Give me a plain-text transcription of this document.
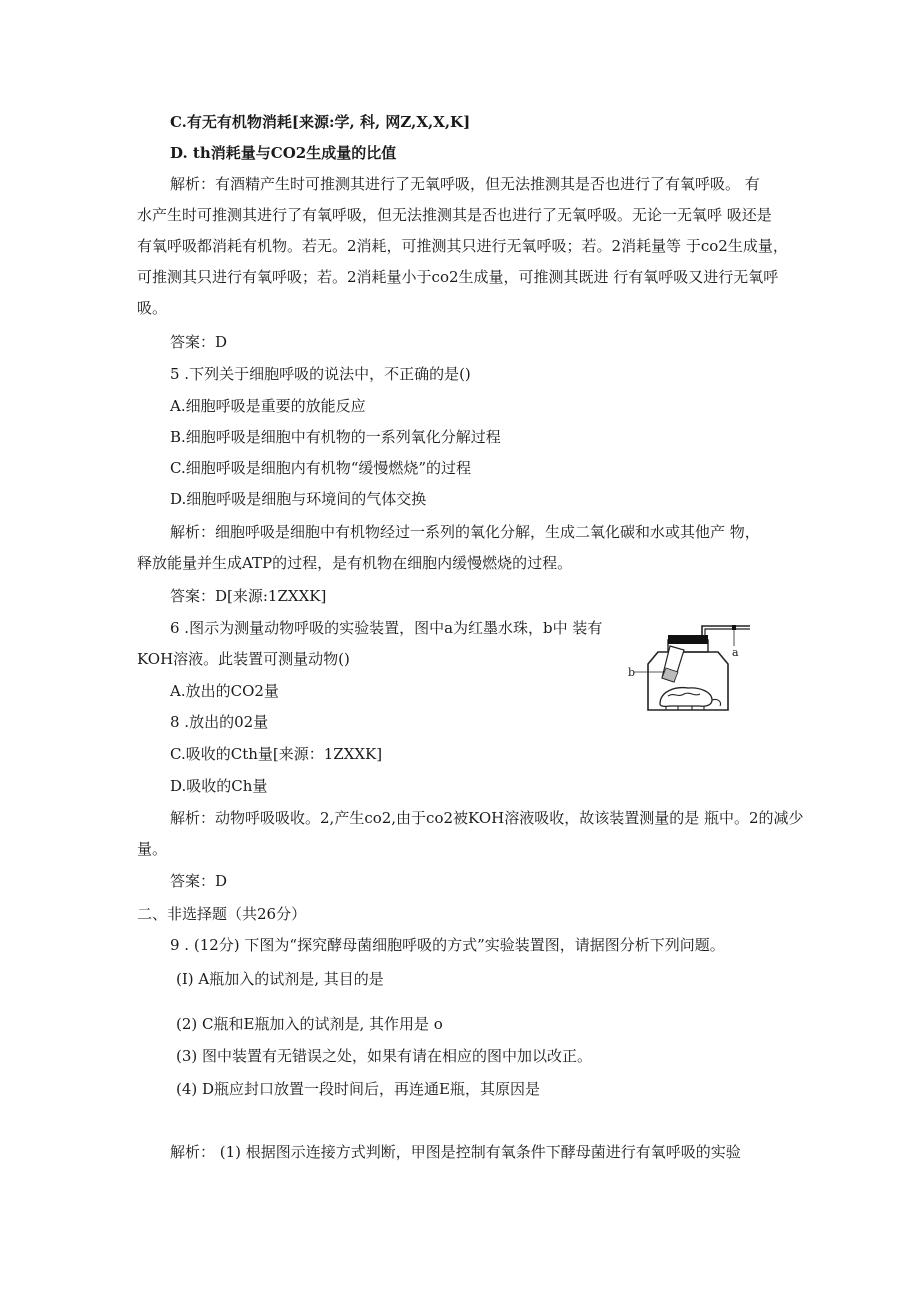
C.有无有机物消耗[来源:学, 科, 网Z,X,X,K]
D. th消耗量与CO2生成量的比值
解析：有酒精产生时可推测其进行了无氧呼吸，但无法推测其是否也进行了有氧呼吸。 有
水产生时可推测其进行了有氧呼吸，但无法推测其是否也进行了无氧呼吸。无论一无氧呼 吸还是
有氧呼吸都消耗有机物。若无。2消耗，可推测其只进行无氧呼吸；若。2消耗量等 于co2生成量，
可推测其只进行有氧呼吸；若。2消耗量小于co2生成量，可推测其既进 行有氧呼吸又进行无氧呼
吸。
答案：D
5 .下列关于细胞呼吸的说法中，不正确的是()
A.细胞呼吸是重要的放能反应
B.细胞呼吸是细胞中有机物的一系列氧化分解过程
C.细胞呼吸是细胞内有机物“缓慢燃烧”的过程
D.细胞呼吸是细胞与环境间的气体交换
解析：细胞呼吸是细胞中有机物经过一系列的氧化分解，生成二氧化碳和水或其他产 物，
释放能量并生成ATP的过程，是有机物在细胞内缓慢燃烧的过程。
答案：D[来源:1ZXXK]
6 .图示为测量动物呼吸的实验装置，图中a为红墨水珠，b中 装有
KOH溶液。此装置可测量动物()
A.放出的CO2量
8 .放出的02量
C.吸收的Cth量[来源：1ZXXK]
D.吸收的Ch量
解析：动物呼吸吸收。2,产生co2,由于co2被KOH溶液吸收，故该装置测量的是 瓶中。2的减少
量。
答案：D
a
b
二、非选择题（共26分）
9 . (12分) 下图为“探究酵母菌细胞呼吸的方式”实验装置图，请据图分析下列问题。
(I) A瓶加入的试剂是, 其目的是
(2) C瓶和E瓶加入的试剂是, 其作用是 o
(3) 图中装置有无错误之处，如果有请在相应的图中加以改正。
(4) D瓶应封口放置一段时间后，再连通E瓶，其原因是
解析： (1) 根据图示连接方式判断，甲图是控制有氧条件下酵母菌进行有氧呼吸的实验
